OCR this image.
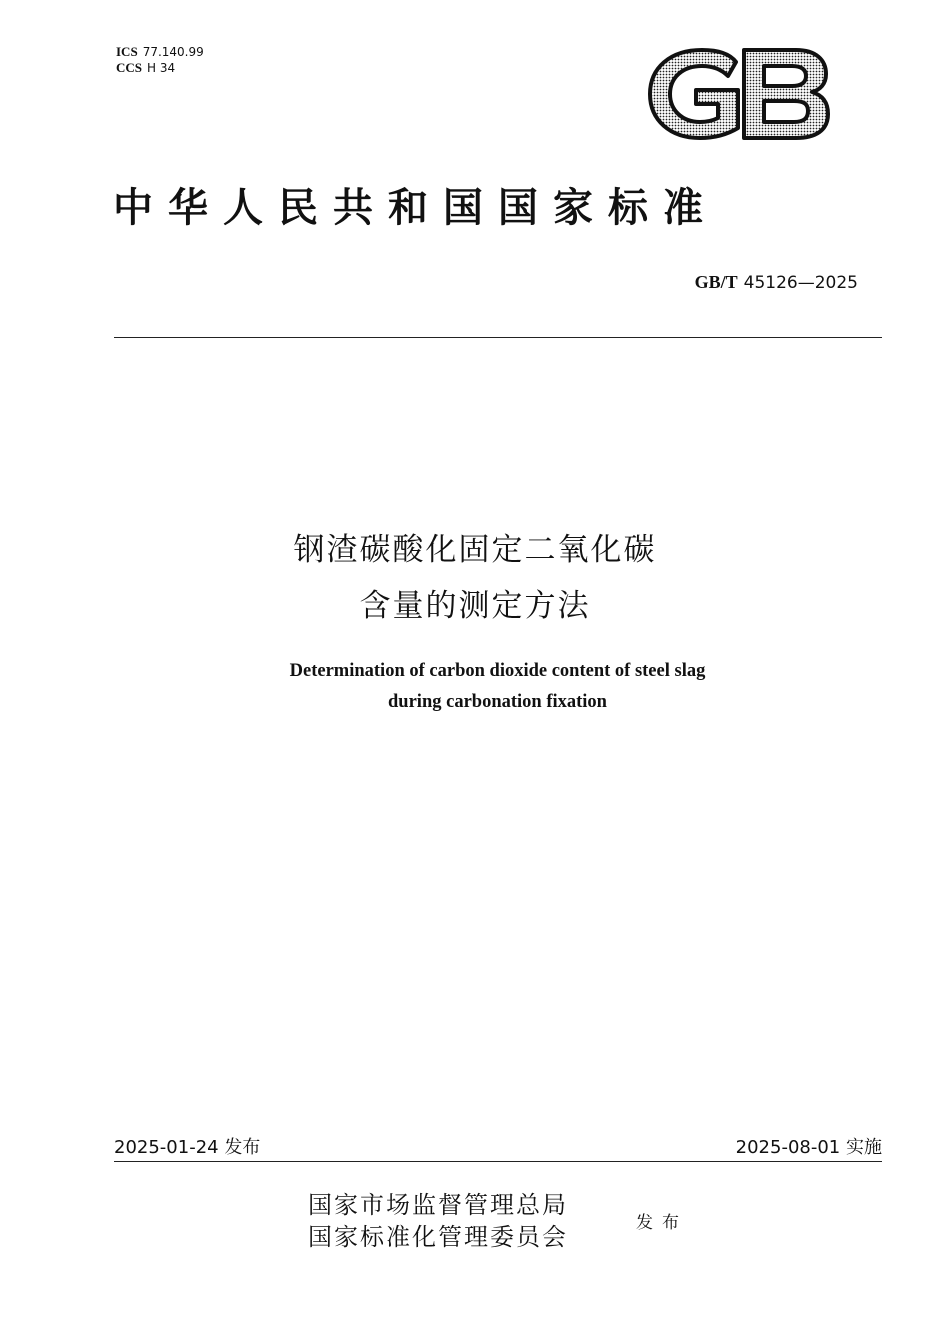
ICS 77.140.99
CCS H 34
中华人民共和国国家标准
GB/T 45126—2025
钢渣碳酸化固定二氧化碳
含量的测定方法
Determination of carbon dioxide content of steel slag
during carbonation fixation
2025-01-24 发布	2025-08-01 实施
国家市场监督管理总局
国家标准化管理委员会	发布
